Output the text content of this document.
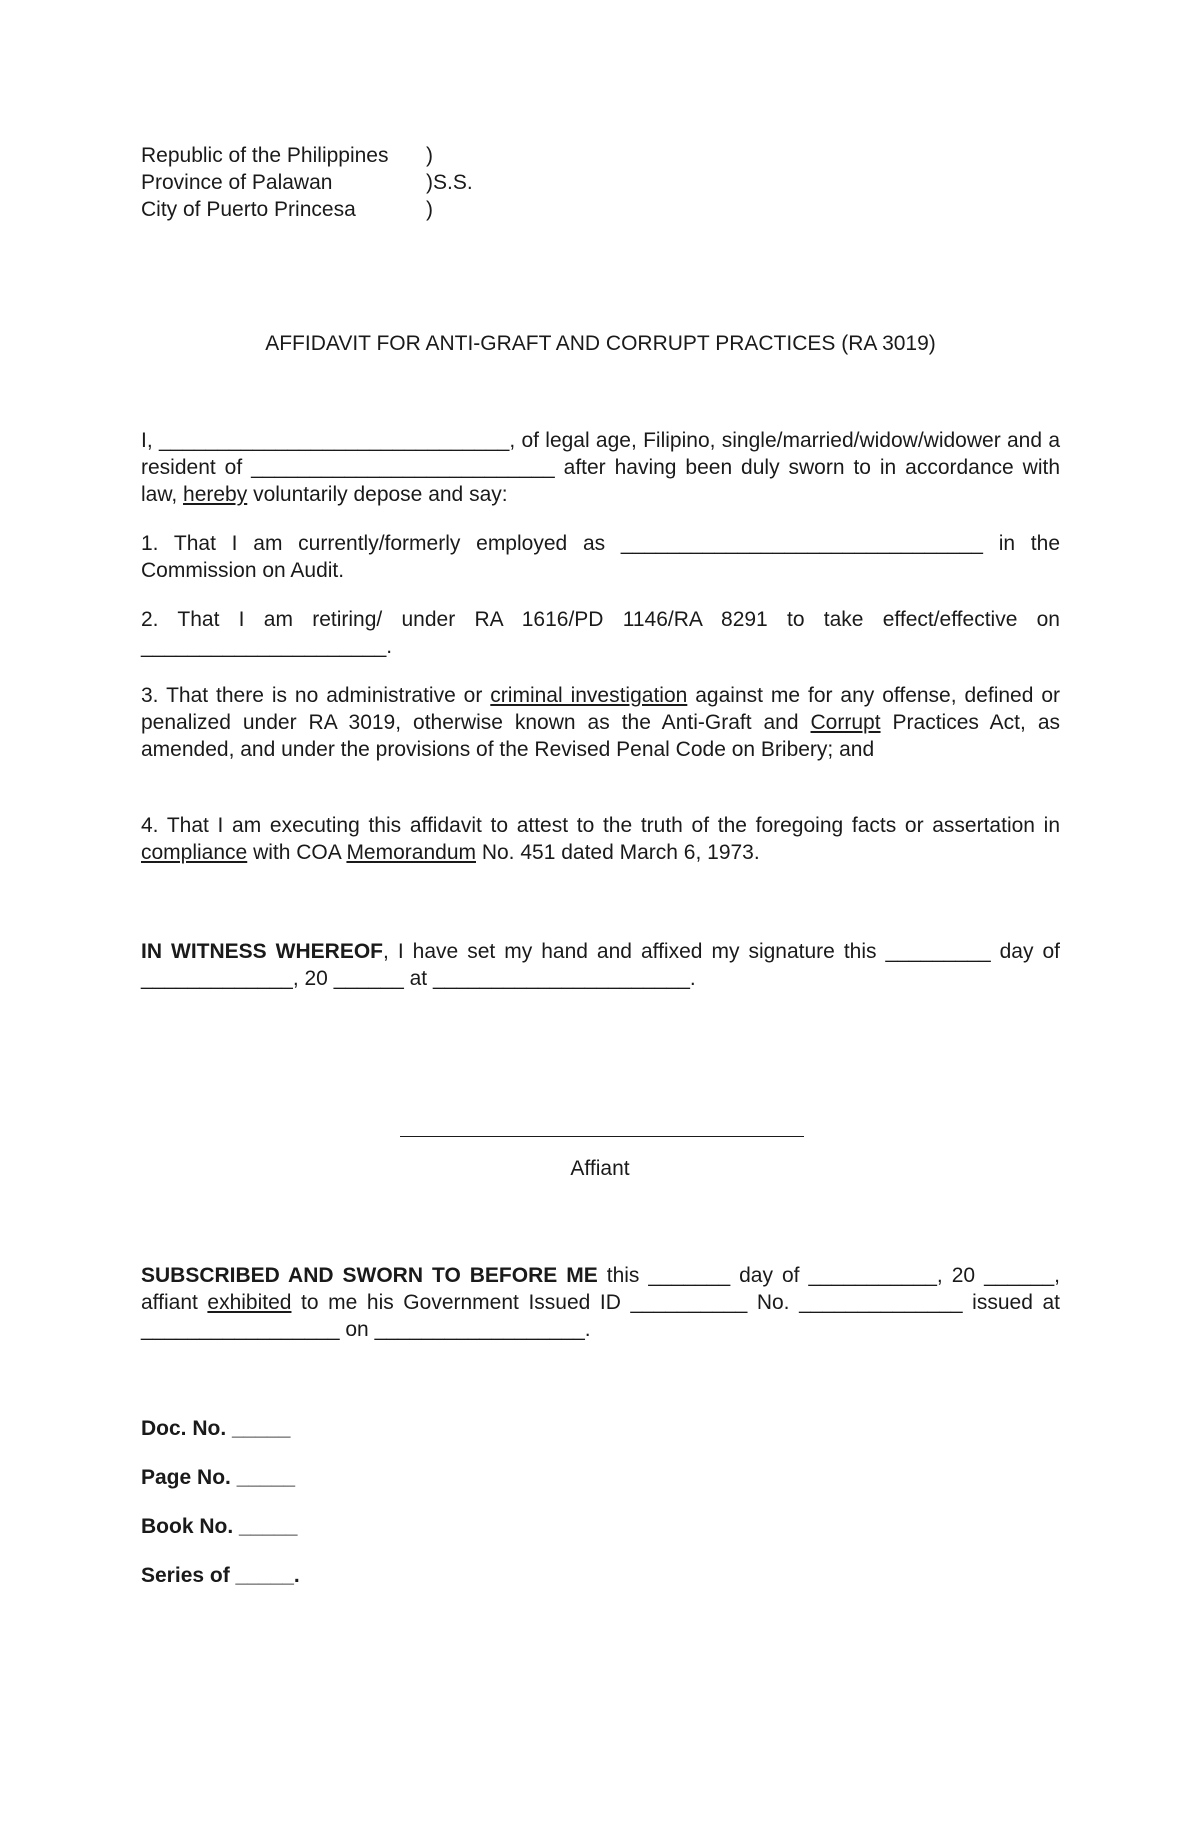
Republic of the Philippines )
Province of Palawan	)S.S.
City of Puerto Princesa	)
AFFIDAVIT FOR ANTI-GRAFT AND CORRUPT PRACTICES (RA 3019)
I, ______________________________, of legal age, Filipino, single/married/widow/widower and a resident of __________________________ after having been duly sworn to in accordance with law, hereby voluntarily depose and say:
1. That I am currently/formerly employed as _______________________________ in the Commission on Audit.
2. That I am retiring/ under RA 1616/PD 1146/RA 8291 to take effect/effective on _____________________.
3. That there is no administrative or criminal investigation against me for any offense, defined or penalized under RA 3019, otherwise known as the Anti-Graft and Corrupt Practices Act, as amended, and under the provisions of the Revised Penal Code on Bribery; and
4. That I am executing this affidavit to attest to the truth of the foregoing facts or assertation in compliance with COA Memorandum No. 451 dated March 6, 1973.
IN WITNESS WHEREOF, I have set my hand and affixed my signature this _________ day of _____________, 20 ______ at ______________________.
Affiant
SUBSCRIBED AND SWORN TO BEFORE ME this _______ day of ___________, 20 ______, affiant exhibited to me his Government Issued ID __________ No. ______________ issued at _________________ on __________________.
Doc. No. _____
Page No. _____
Book No. _____
Series of _____.
